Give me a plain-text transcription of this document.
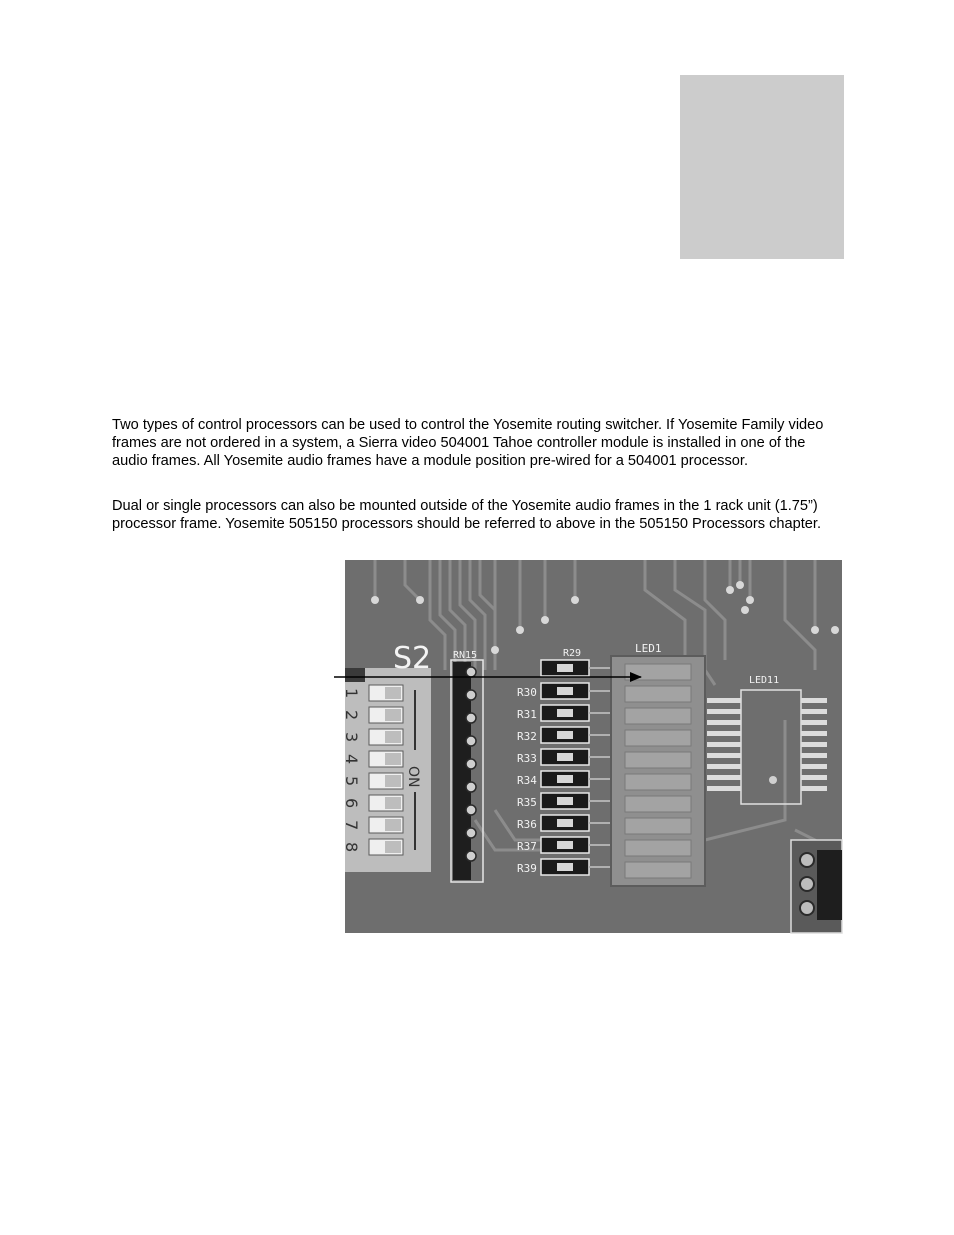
Two types of control processors can be used to control the Yosemite routing switcher. If Yosemite Family video frames are not ordered in a system, a Sierra video 504001 Tahoe controller module is installed in one of the audio frames. All Yosemite audio frames have a module position pre-wired for a 504001 processor.

Dual or single processors can also be mounted outside of the Yosemite audio frames in the 1 rack unit (1.75”) processor frame. Yosemite 505150 processors should be referred to above in the 505150 Processors chapter.

1
2
3
4
5
6
7
8
ON
S2 RN15	R29
R30
R31
R32
R33
R34
R35
R36
R37
R39
LED1
LED11
